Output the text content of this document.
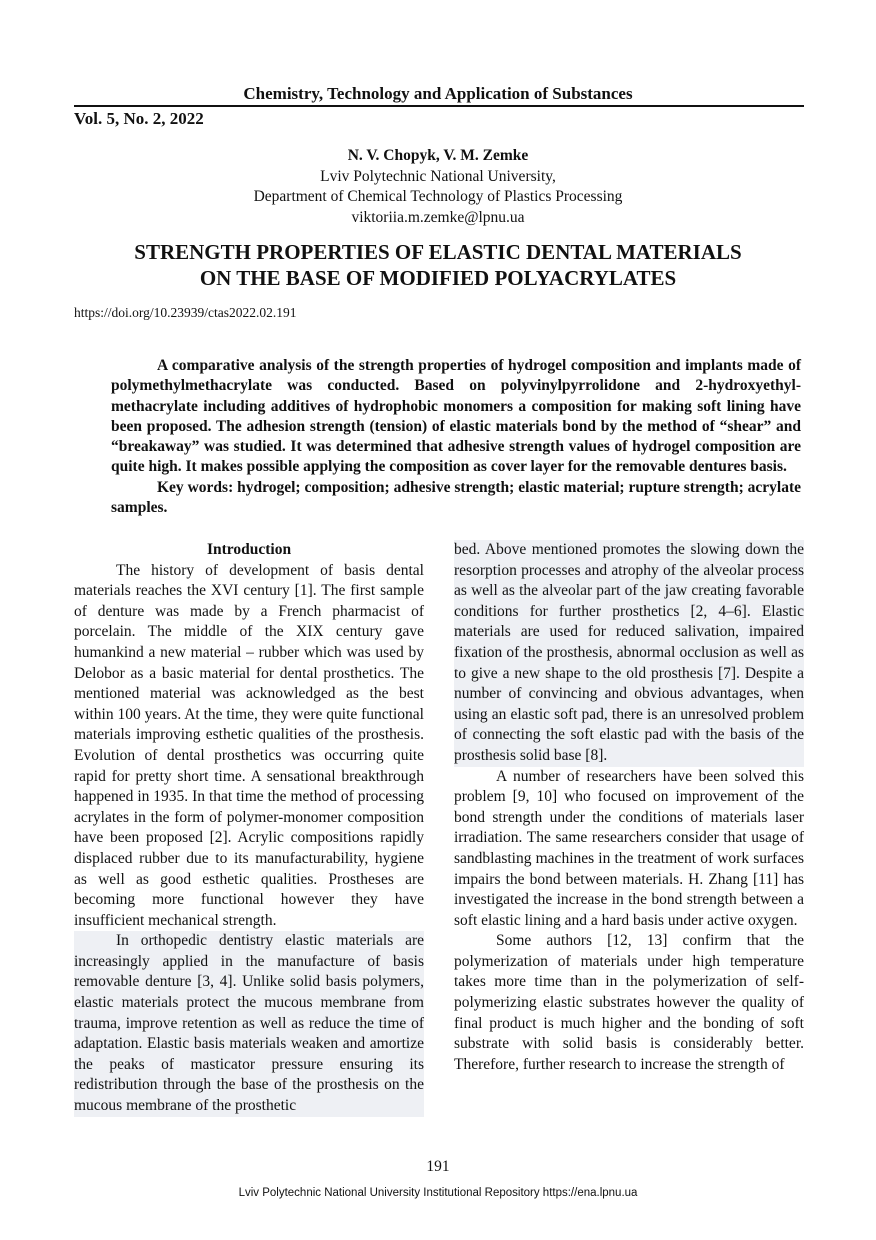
Chemistry, Technology and Application of Substances
Vol. 5, No. 2, 2022
N. V. Chopyk, V. M. Zemke
Lviv Polytechnic National University,
Department of Chemical Technology of Plastics Processing
viktoriia.m.zemke@lpnu.ua
STRENGTH PROPERTIES OF ELASTIC DENTAL MATERIALS
ON THE BASE OF MODIFIED POLYACRYLATES
https://doi.org/10.23939/ctas2022.02.191

A comparative analysis of the strength properties of hydrogel composition and implants made of polymethylmethacrylate was conducted. Based on polyvinylpyrrolidone and 2-hydroxyethyl-methacrylate including additives of hydrophobic monomers a composition for making soft lining have been proposed. The adhesion strength (tension) of elastic materials bond by the method of “shear” and “breakaway” was studied. It was determined that adhesive strength values of hydrogel composition are quite high. It makes possible applying the composition as cover layer for the removable dentures basis.

Key words: hydrogel; composition; adhesive strength; elastic material; rupture strength; acrylate samples.

Introduction

The history of development of basis dental materials reaches the XVI century [1]. The first sample of denture was made by a French pharmacist of porcelain. The middle of the XIX century gave humankind a new material – rubber which was used by Delobor as a basic material for dental prosthetics. The mentioned material was acknowledged as the best within 100 years. At the time, they were quite functional materials improving esthetic qualities of the prosthesis. Evolution of dental prosthetics was occurring quite rapid for pretty short time. A sensational breakthrough happened in 1935. In that time the method of processing acrylates in the form of polymer-monomer composition have been proposed [2]. Acrylic compositions rapidly displaced rubber due to its manufacturability, hygiene as well as good esthetic qualities. Prostheses are becoming more functional however they have insufficient mechanical strength.

In orthopedic dentistry elastic materials are increasingly applied in the manufacture of basis removable denture [3, 4]. Unlike solid basis polymers, elastic materials protect the mucous membrane from trauma, improve retention as well as reduce the time of adaptation. Elastic basis materials weaken and amortize the peaks of masticator pressure ensuring its redistribution through the base of the prosthesis on the mucous membrane of the prosthetic

bed. Above mentioned promotes the slowing down the resorption processes and atrophy of the alveolar process as well as the alveolar part of the jaw creating favorable conditions for further prosthetics [2, 4–6]. Elastic materials are used for reduced salivation, impaired fixation of the prosthesis, abnormal occlusion as well as to give a new shape to the old prosthesis [7]. Despite a number of convincing and obvious advantages, when using an elastic soft pad, there is an unresolved problem of connecting the soft elastic pad with the basis of the prosthesis solid base [8].

A number of researchers have been solved this problem [9, 10] who focused on improvement of the bond strength under the conditions of materials laser irradiation. The same researchers consider that usage of sandblasting machines in the treatment of work surfaces impairs the bond between materials. H. Zhang [11] has investigated the increase in the bond strength between a soft elastic lining and a hard basis under active oxygen.

Some authors [12, 13] confirm that the polymerization of materials under high temperature takes more time than in the polymerization of self-polymerizing elastic substrates however the quality of final product is much higher and the bonding of soft substrate with solid basis is considerably better. Therefore, further research to increase the strength of

191
Lviv Polytechnic National University Institutional Repository https://ena.lpnu.ua
